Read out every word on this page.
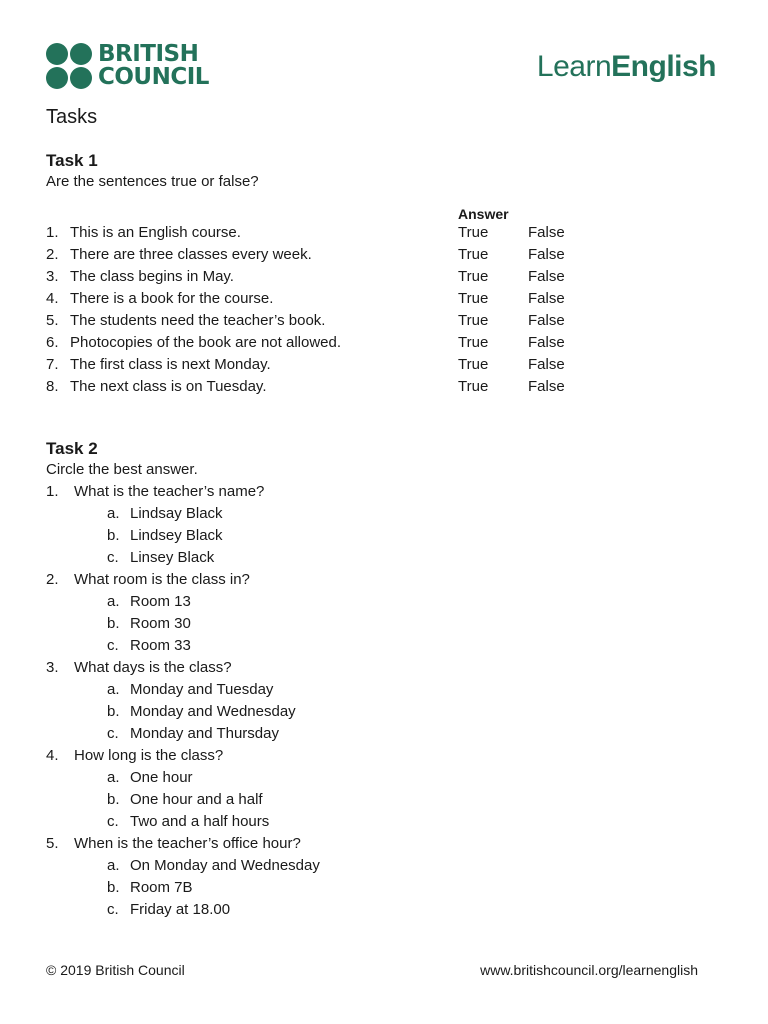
BRITISH
COUNCIL	LearnEnglish
Tasks
Task 1
Are the sentences true or false?
Answer
1. This is an English course.	True	False
2. There are three classes every week.	True	False
3. The class begins in May.	True	False
4. There is a book for the course.	True	False
5. The students need the teacher’s book.	True	False
6. Photocopies of the book are not allowed.	True	False
7. The first class is next Monday.	True	False
8. The next class is on Tuesday.	True	False
Task 2
Circle the best answer.
1. What is the teacher’s name?
a. Lindsay Black
b. Lindsey Black
c. Linsey Black
2. What room is the class in?
a. Room 13
b. Room 30
c. Room 33
3. What days is the class?
a. Monday and Tuesday
b. Monday and Wednesday
c. Monday and Thursday
4. How long is the class?
a. One hour
b. One hour and a half
c. Two and a half hours
5. When is the teacher’s office hour?
a. On Monday and Wednesday
b. Room 7B
c. Friday at 18.00
© 2019 British Council	www.britishcouncil.org/learnenglish
